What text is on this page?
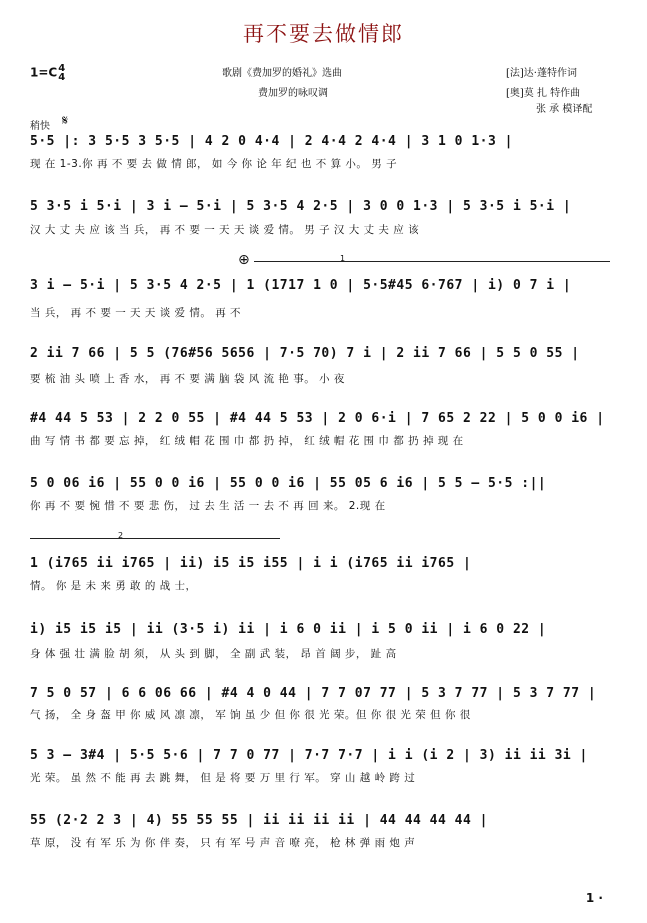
再不要去做情郎
1=C4
4	歌剧《费加罗的婚礼》选曲
费加罗的咏叹调
[法]达·蓬特作词
[奥]莫 扎 特作曲
张 承 模译配
稍快 𝄋
5·5 |: 3 5·5 3 5·5 | 4 2 0 4·4 | 2 4·4 2 4·4 | 3 1 0 1·3 |
现 在 1-3.你 再 不 要 去 做 情 郎， 如 今 你 论 年 纪 也 不 算 小。 男 子
5 3·5 i 5·i | 3 i – 5·i | 5 3·5 4 2·5 | 3 0 0 1·3 | 5 3·5 i 5·i |
汉 大 丈 夫 应 该 当 兵， 再 不 要 一 天 天 谈 爱 情。 男 子 汉 大 丈 夫 应 该
⊕	1
3 i – 5·i | 5 3·5 4 2·5 | 1 (1717 1 0 | 5·5#45 6·767 | i) 0 7 i |
当 兵， 再 不 要 一 天 天 谈 爱 情。 再 不
2 ii 7 66 | 5 5 (76#56 5656 | 7·5 70) 7 i | 2 ii 7 66 | 5 5 0 55 |
要 梳 油 头 喷 上 香 水， 再 不 要 满 脑 袋 风 流 艳 事。 小 夜
#4 44 5 53 | 2 2 0 55 | #4 44 5 53 | 2 0 6·i | 7 65 2 22 | 5 0 0 i6 |
曲 写 情 书 都 要 忘 掉， 红 绒 帽 花 围 巾 都 扔 掉， 红 绒 帽 花 围 巾 都 扔 掉 现 在
5 0 06 i6 | 55 0 0 i6 | 55 0 0 i6 | 55 05 6 i6 | 5 5 – 5·5 :||
你 再 不 要 惋 惜 不 要 悲 伤， 过 去 生 活 一 去 不 再 回 来。 2.现 在
2
1 (i765 ii i765 | ii) i5 i5 i55 | i i (i765 ii i765 |
情。 你 是 未 来 勇 敢 的 战 士，
i) i5 i5 i5 | ii (3·5 i) ii | i 6 0 ii | i 5 0 ii | i 6 0 22 |
身 体 强 壮 满 脸 胡 须， 从 头 到 脚， 全 副 武 装， 昂 首 阔 步， 趾 高
7 5 0 57 | 6 6 06 66 | #4 4 0 44 | 7 7 07 77 | 5 3 7 77 | 5 3 7 77 |
气 扬， 全 身 盔 甲 你 威 风 凛 凛， 军 饷 虽 少 但 你 很 光 荣。但 你 很 光 荣 但 你 很
5 3 – 3#4 | 5·5 5·6 | 7 7 0 77 | 7·7 7·7 | i i (i 2 | 3) ii ii 3i |
光 荣。 虽 然 不 能 再 去 跳 舞， 但 是 将 要 万 里 行 军。 穿 山 越 岭 跨 过
55 (2·2 2 3 | 4) 55 55 55 | ii ii ii ii | 44 44 44 44 |
草 原， 没 有 军 乐 为 你 伴 奏， 只 有 军 号 声 音 嘹 亮， 枪 林 弹 雨 炮 声
1 ·
